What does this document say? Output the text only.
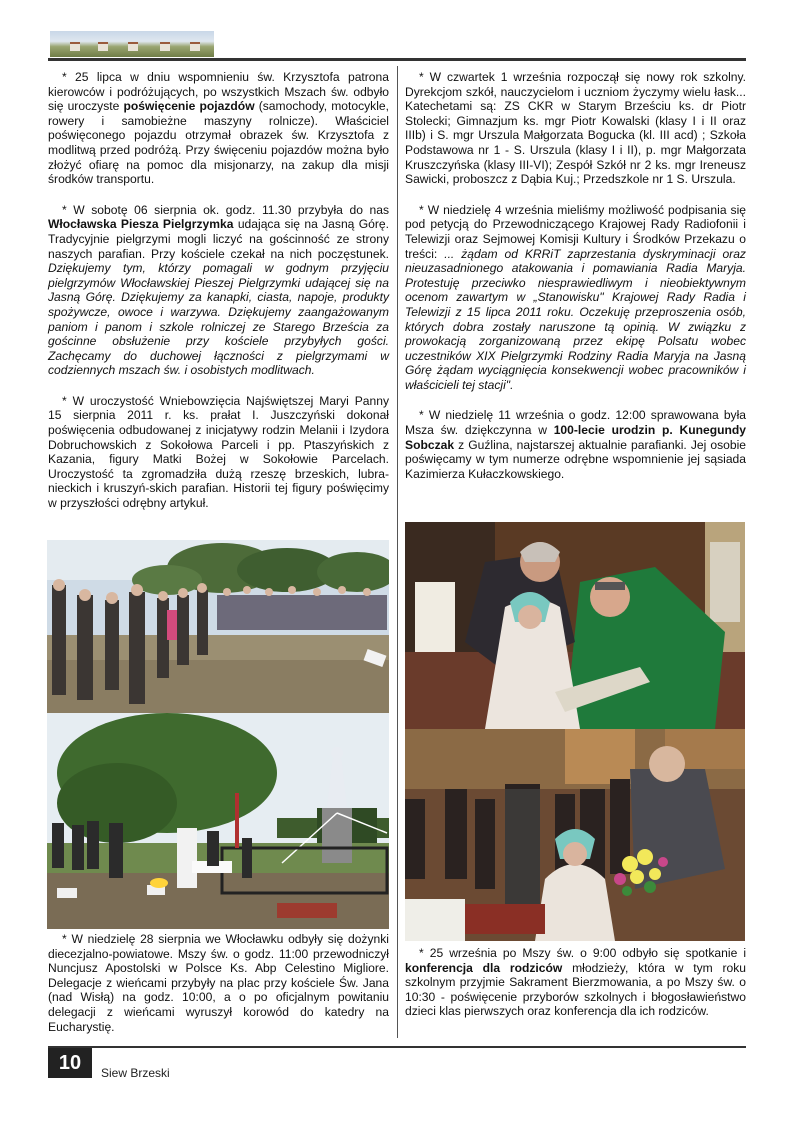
* 25 lipca w dniu wspomnieniu św. Krzysztofa patrona kierowców i podróżujących, po wszystkich Mszach św. odbyło się uroczyste poświęcenie pojazdów (samochody, motocykle, rowery i samobieżne maszyny rolnicze). Właściciel poświęconego pojazdu otrzymał obrazek św. Krzysztofa z modlitwą przed podróżą. Przy święceniu pojazdów można było złożyć ofiarę na pomoc dla misjonarzy, na zakup dla misji środków transportu.

* W sobotę 06 sierpnia ok. godz. 11.30 przybyła do nas Włocławska Piesza Pielgrzymka udająca się na Jasną Górę. Tradycyjnie pielgrzymi mogli liczyć na gościnność ze strony naszych parafian. Przy kościele czekał na nich poczęstunek. Dziękujemy tym, którzy pomagali w godnym przyjęciu pielgrzymów Włocławskiej Pieszej Pielgrzymki udającej się na Jasną Górę. Dziękujemy za kanapki, ciasta, napoje, produkty spożywcze, owoce i warzywa. Dziękujemy zaangażowanym paniom i panom i szkole rolniczej ze Starego Brześcia za gościnne obsłużenie przy kościele przybyłych gości. Zachęcamy do duchowej łączności z pielgrzymami w codziennych mszach św. i osobistych modlitwach.

* W uroczystość Wniebowzięcia Najświętszej Maryi Panny 15 sierpnia 2011 r. ks. prałat I. Juszczyński dokonał poświęcenia odbudowanej z inicjatywy rodzin Melanii i Izydora Dobruchowskich z Sokołowa Parceli i pp. Ptaszyńskich z Kazania, figury Matki Bożej w Sokołowie Parcelach. Uroczystość ta zgromadziła dużą rzeszę brzeskich, lubra-nieckich i kruszyń-skich parafian. Historii tej figury poświęcimy w przyszłości odrębny artykuł.

* W niedzielę 28 sierpnia we Włocławku odbyły się dożynki diecezjalno-powiatowe. Mszy św. o godz. 11:00 przewodniczył Nuncjusz Apostolski w Polsce Ks. Abp Celestino Migliore. Delegacje z wieńcami przybyły na plac przy kościele Św. Jana (nad Wisłą) na godz. 10:00, a o po oficjalnym powitaniu delegacji z wieńcami wyruszył korowód do katedry na Eucharystię.

* W czwartek 1 września rozpoczął się nowy rok szkolny. Dyrekcjom szkół, nauczycielom i uczniom życzymy wielu łask... Katechetami są: ZS CKR w Starym Brześciu ks. dr Piotr Stolecki; Gimnazjum ks. mgr Piotr Kowalski (klasy I i II oraz IIIb) i S. mgr Urszula Małgorzata Bogucka (kl. III acd) ; Szkoła Podstawowa nr 1 - S. Urszula (klasy I i II), p. mgr Małgorzata Kruszczyńska (klasy III-VI); Zespół Szkół nr 2 ks. mgr Ireneusz Sawicki, proboszcz z Dąbia Kuj.; Przedszkole nr 1 S. Urszula.

* W niedzielę 4 września mieliśmy możliwość podpisania się pod petycją do Przewodniczącego Krajowej Rady Radiofonii i Telewizji oraz Sejmowej Komisji Kultury i Środków Przekazu o treści: ... żądam od KRRiT zaprzestania dyskryminacji oraz nieuzasadnionego atakowania i pomawiania Radia Maryja. Protestuję przeciwko niesprawiedliwym i nieobiektywnym ocenom zawartym w „Stanowisku" Krajowej Rady Radia i Telewizji z 15 lipca 2011 roku. Oczekuję przeproszenia osób, których dobra zostały naruszone tą opinią. W związku z prowokacją zorganizowaną przez ekipę Polsatu wobec uczestników XIX Pielgrzymki Rodziny Radia Maryja na Jasną Górę żądam wyciągnięcia konsekwencji wobec pracowników i właścicieli tej stacji".

* W niedzielę 11 września o godz. 12:00 sprawowana była Msza św. dziękczynna w 100-lecie urodzin p. Kunegundy Sobczak z Guźlina, najstarszej aktualnie parafianki. Jej osobie poświęcamy w tym numerze odrębne wspomnienie jej sąsiada Kazimierza Kułaczkowskiego.

* 25 września po Mszy św. o 9:00 odbyło się spotkanie i konferencja dla rodziców młodzieży, która w tym roku szkolnym przyjmie Sakrament Bierzmowania, a po Mszy św. o 10:30 - poświęcenie przyborów szkolnych i błogosławieństwo dzieci klas pierwszych oraz konferencja dla ich rodziców.

10	Siew Brzeski
